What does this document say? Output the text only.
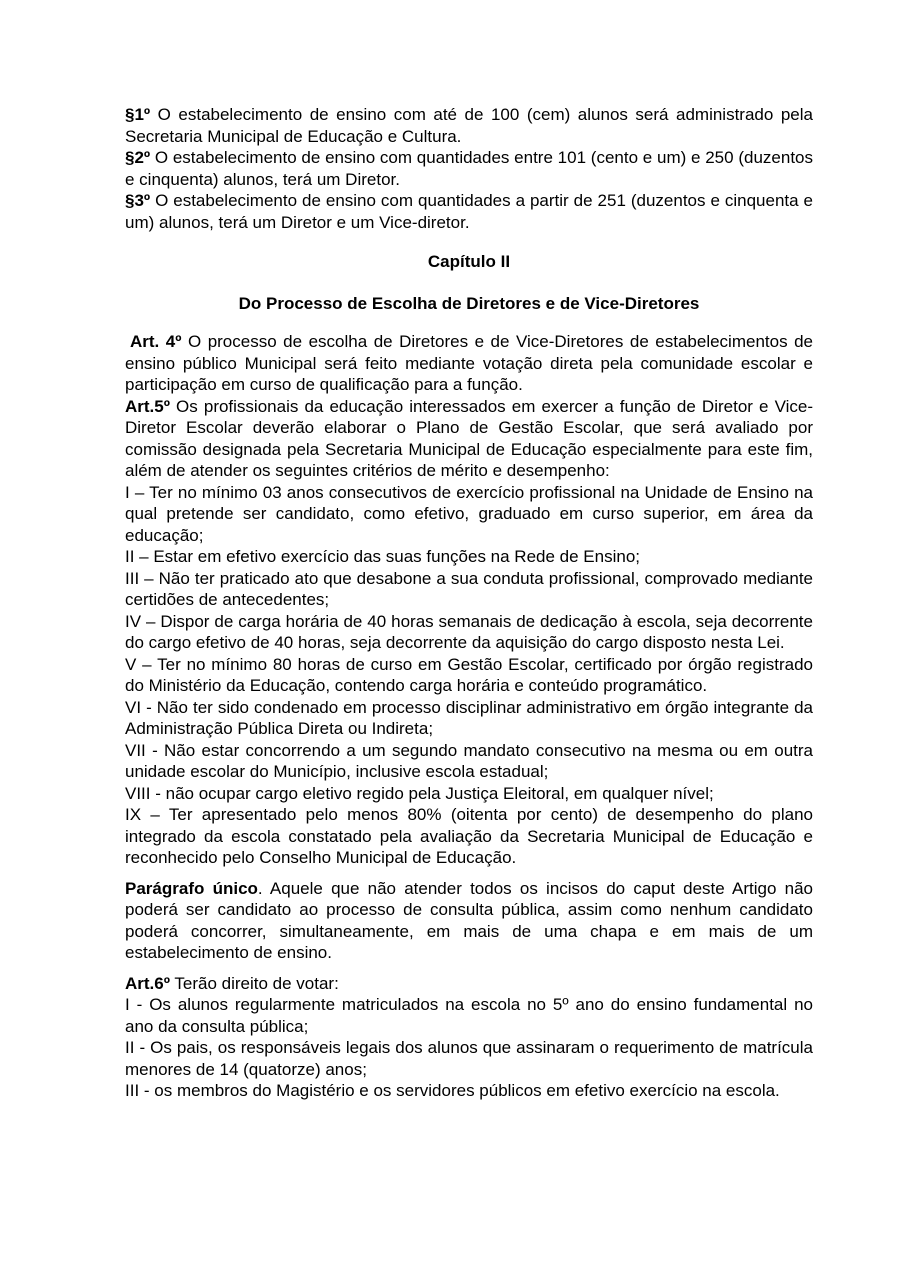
§1º O estabelecimento de ensino com até de 100 (cem) alunos será administrado pela Secretaria Municipal de Educação e Cultura.

§2º O estabelecimento de ensino com quantidades entre 101 (cento e um) e 250 (duzentos e cinquenta) alunos, terá um Diretor.

§3º O estabelecimento de ensino com quantidades a partir de 251 (duzentos e cinquenta e um) alunos, terá um Diretor e um Vice-diretor.

Capítulo II
Do Processo de Escolha de Diretores e de Vice-Diretores

Art. 4º O processo de escolha de Diretores e de Vice-Diretores de estabelecimentos de ensino público Municipal será feito mediante votação direta pela comunidade escolar e participação em curso de qualificação para a função.

Art.5º Os profissionais da educação interessados em exercer a função de Diretor e Vice-Diretor Escolar deverão elaborar o Plano de Gestão Escolar, que será avaliado por comissão designada pela Secretaria Municipal de Educação especialmente para este fim, além de atender os seguintes critérios de mérito e desempenho:

I – Ter no mínimo 03 anos consecutivos de exercício profissional na Unidade de Ensino na qual pretende ser candidato, como efetivo, graduado em curso superior, em área da educação;

II – Estar em efetivo exercício das suas funções na Rede de Ensino;

III – Não ter praticado ato que desabone a sua conduta profissional, comprovado mediante certidões de antecedentes;

IV – Dispor de carga horária de 40 horas semanais de dedicação à escola, seja decorrente do cargo efetivo de 40 horas, seja decorrente da aquisição do cargo disposto nesta Lei.

V – Ter no mínimo 80 horas de curso em Gestão Escolar, certificado por órgão registrado do Ministério da Educação, contendo carga horária e conteúdo programático.

VI - Não ter sido condenado em processo disciplinar administrativo em órgão integrante da Administração Pública Direta ou Indireta;

VII - Não estar concorrendo a um segundo mandato consecutivo na mesma ou em outra unidade escolar do Município, inclusive escola estadual;

VIII - não ocupar cargo eletivo regido pela Justiça Eleitoral, em qualquer nível;

IX – Ter apresentado pelo menos 80% (oitenta por cento) de desempenho do plano integrado da escola constatado pela avaliação da Secretaria Municipal de Educação e reconhecido pelo Conselho Municipal de Educação.

Parágrafo único. Aquele que não atender todos os incisos do caput deste Artigo não poderá ser candidato ao processo de consulta pública, assim como nenhum candidato poderá concorrer, simultaneamente, em mais de uma chapa e em mais de um estabelecimento de ensino.

Art.6º Terão direito de votar:

I - Os alunos regularmente matriculados na escola no 5º ano do ensino fundamental no ano da consulta pública;

II - Os pais, os responsáveis legais dos alunos que assinaram o requerimento de matrícula menores de 14 (quatorze) anos;

III - os membros do Magistério e os servidores públicos em efetivo exercício na escola.
